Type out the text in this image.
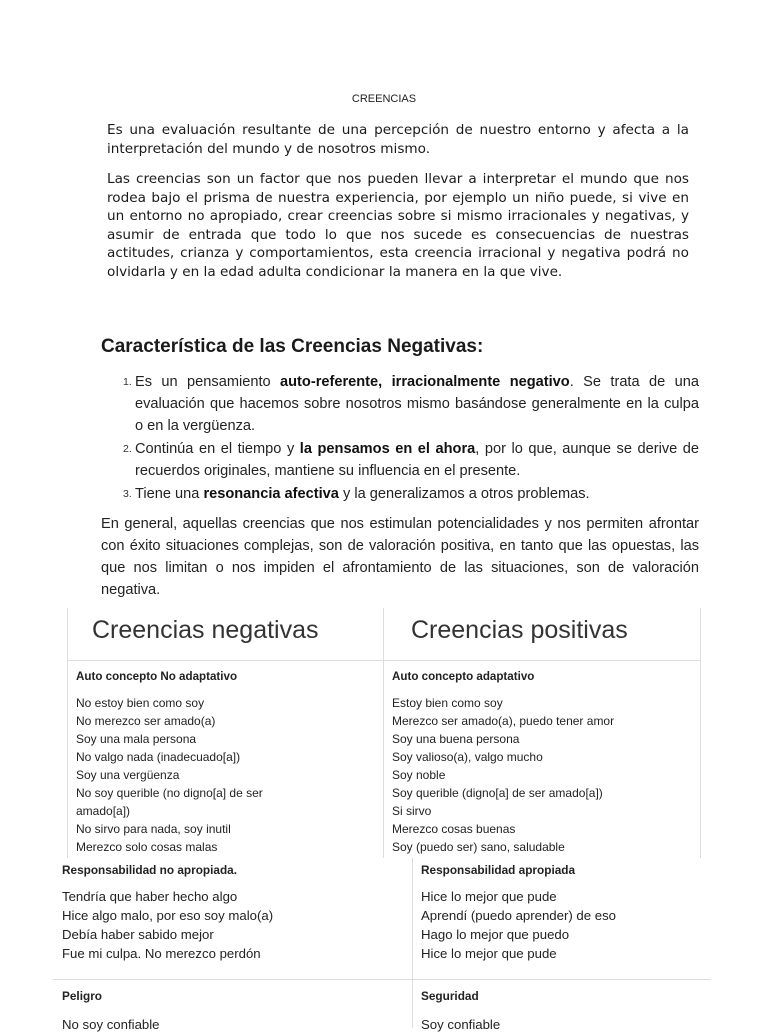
CREENCIAS

Es una evaluación resultante de una percepción de nuestro entorno y afecta a la interpretación del mundo y de nosotros mismo.

Las creencias son un factor que nos pueden llevar a interpretar el mundo que nos rodea bajo el prisma de nuestra experiencia, por ejemplo un niño puede, si vive en un entorno no apropiado, crear creencias sobre si mismo irracionales y negativas, y asumir de entrada que todo lo que nos sucede es consecuencias de nuestras actitudes, crianza y comportamientos, esta creencia irracional y negativa podrá no olvidarla y en la edad adulta condicionar la manera en la que vive.

Característica de las Creencias Negativas:
1. Es un pensamiento auto-referente, irracionalmente negativo. Se trata de una evaluación que hacemos sobre nosotros mismo basándose generalmente en la culpa o en la vergüenza.
2. Continúa en el tiempo y la pensamos en el ahora, por lo que, aunque se derive de recuerdos originales, mantiene su influencia en el presente.
3. Tiene una resonancia afectiva y la generalizamos a otros problemas.

En general, aquellas creencias que nos estimulan potencialidades y nos permiten afrontar con éxito situaciones complejas, son de valoración positiva, en tanto que las opuestas, las que nos limitan o nos impiden el afrontamiento de las situaciones, son de valoración negativa.

Creencias negativas	Creencias positivas
Auto concepto No adaptativo
No estoy bien como soy
No merezco ser amado(a)
Soy una mala persona
No valgo nada (inadecuado[a])
Soy una vergüenza
No soy querible (no digno[a] de ser amado[a])
No sirvo para nada, soy inutil
Merezco solo cosas malas
Auto concepto adaptativo
Estoy bien como soy
Merezco ser amado(a), puedo tener amor
Soy una buena persona
Soy valioso(a), valgo mucho
Soy noble
Soy querible (digno[a] de ser amado[a])
Si sirvo
Merezco cosas buenas
Soy (puedo ser) sano, saludable
Responsabilidad no apropiada.
Tendría que haber hecho algo
Hice algo malo, por eso soy malo(a)
Debía haber sabido mejor
Fue mi culpa. No merezco perdón
Responsabilidad apropiada
Hice lo mejor que pude
Aprendí (puedo aprender) de eso
Hago lo mejor que puedo
Hice lo mejor que pude
Peligro
No soy confiable
Seguridad
Soy confiable
